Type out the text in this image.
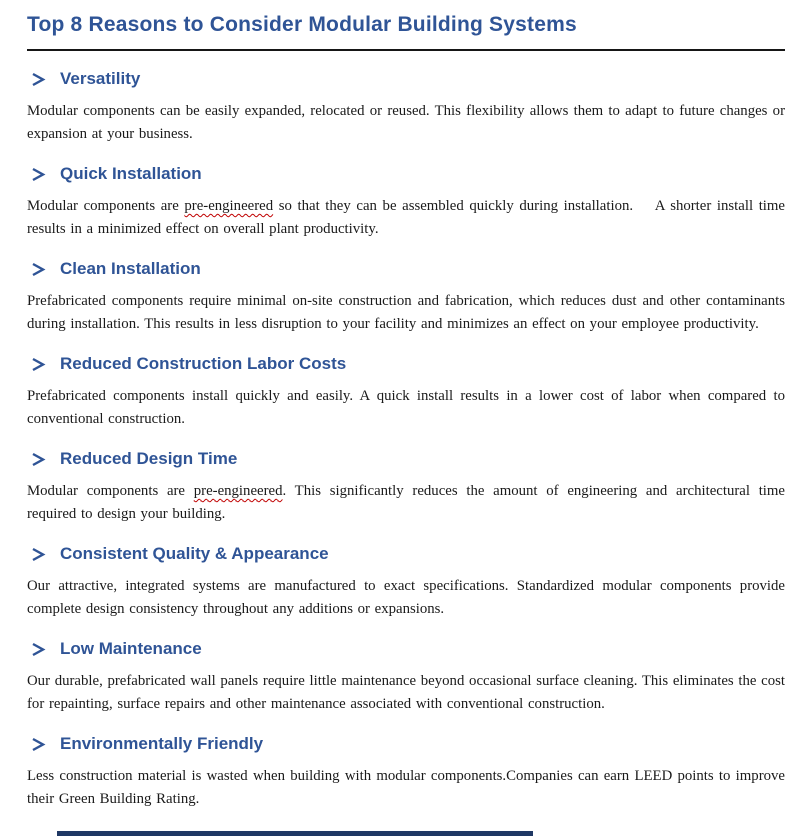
Top 8 Reasons to Consider Modular Building Systems
Versatility

Modular components can be easily expanded, relocated or reused. This flexibility allows them to adapt to future changes or expansion at your business.

Quick Installation

Modular components are pre-engineered so that they can be assembled quickly during installation.    A shorter install time results in a minimized effect on overall plant productivity.

Clean Installation

Prefabricated components require minimal on-site construction and fabrication, which reduces dust and other contaminants during installation. This results in less disruption to your facility and minimizes an effect on your employee productivity.

Reduced Construction Labor Costs

Prefabricated components install quickly and easily. A quick install results in a lower cost of labor when compared to conventional construction.

Reduced Design Time

Modular components are pre-engineered. This significantly reduces the amount of engineering and architectural time required to design your building.

Consistent Quality & Appearance

Our attractive, integrated systems are manufactured to exact specifications. Standardized modular components provide complete design consistency throughout any additions or expansions.

Low Maintenance

Our durable, prefabricated wall panels require little maintenance beyond occasional surface cleaning. This eliminates the cost for repainting, surface repairs and other maintenance associated with conventional construction.

Environmentally Friendly

Less construction material is wasted when building with modular components.Companies can earn LEED points to improve their Green Building Rating.
